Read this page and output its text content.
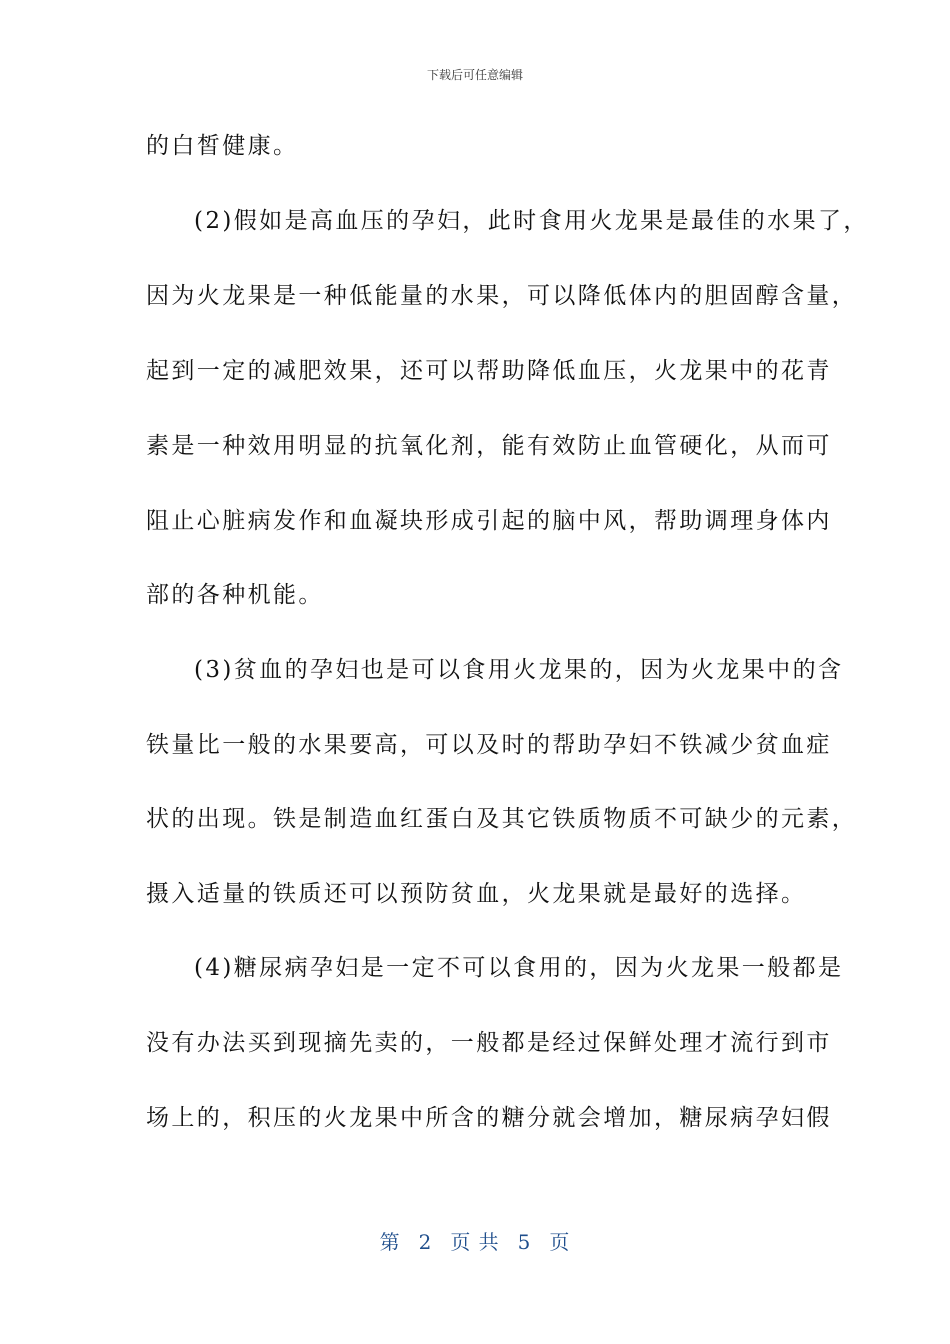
下载后可任意编辑
的白皙健康。
(2)假如是高血压的孕妇，此时食用火龙果是最佳的水果了，
因为火龙果是一种低能量的水果，可以降低体内的胆固醇含量，
起到一定的减肥效果，还可以帮助降低血压，火龙果中的花青
素是一种效用明显的抗氧化剂，能有效防止血管硬化，从而可
阻止心脏病发作和血凝块形成引起的脑中风，帮助调理身体内
部的各种机能。
(3)贫血的孕妇也是可以食用火龙果的，因为火龙果中的含
铁量比一般的水果要高，可以及时的帮助孕妇不铁减少贫血症
状的出现。铁是制造血红蛋白及其它铁质物质不可缺少的元素，
摄入适量的铁质还可以预防贫血，火龙果就是最好的选择。
(4)糖尿病孕妇是一定不可以食用的，因为火龙果一般都是
没有办法买到现摘先卖的，一般都是经过保鲜处理才流行到市
场上的，积压的火龙果中所含的糖分就会增加，糖尿病孕妇假
第 2 页 共 5 页
